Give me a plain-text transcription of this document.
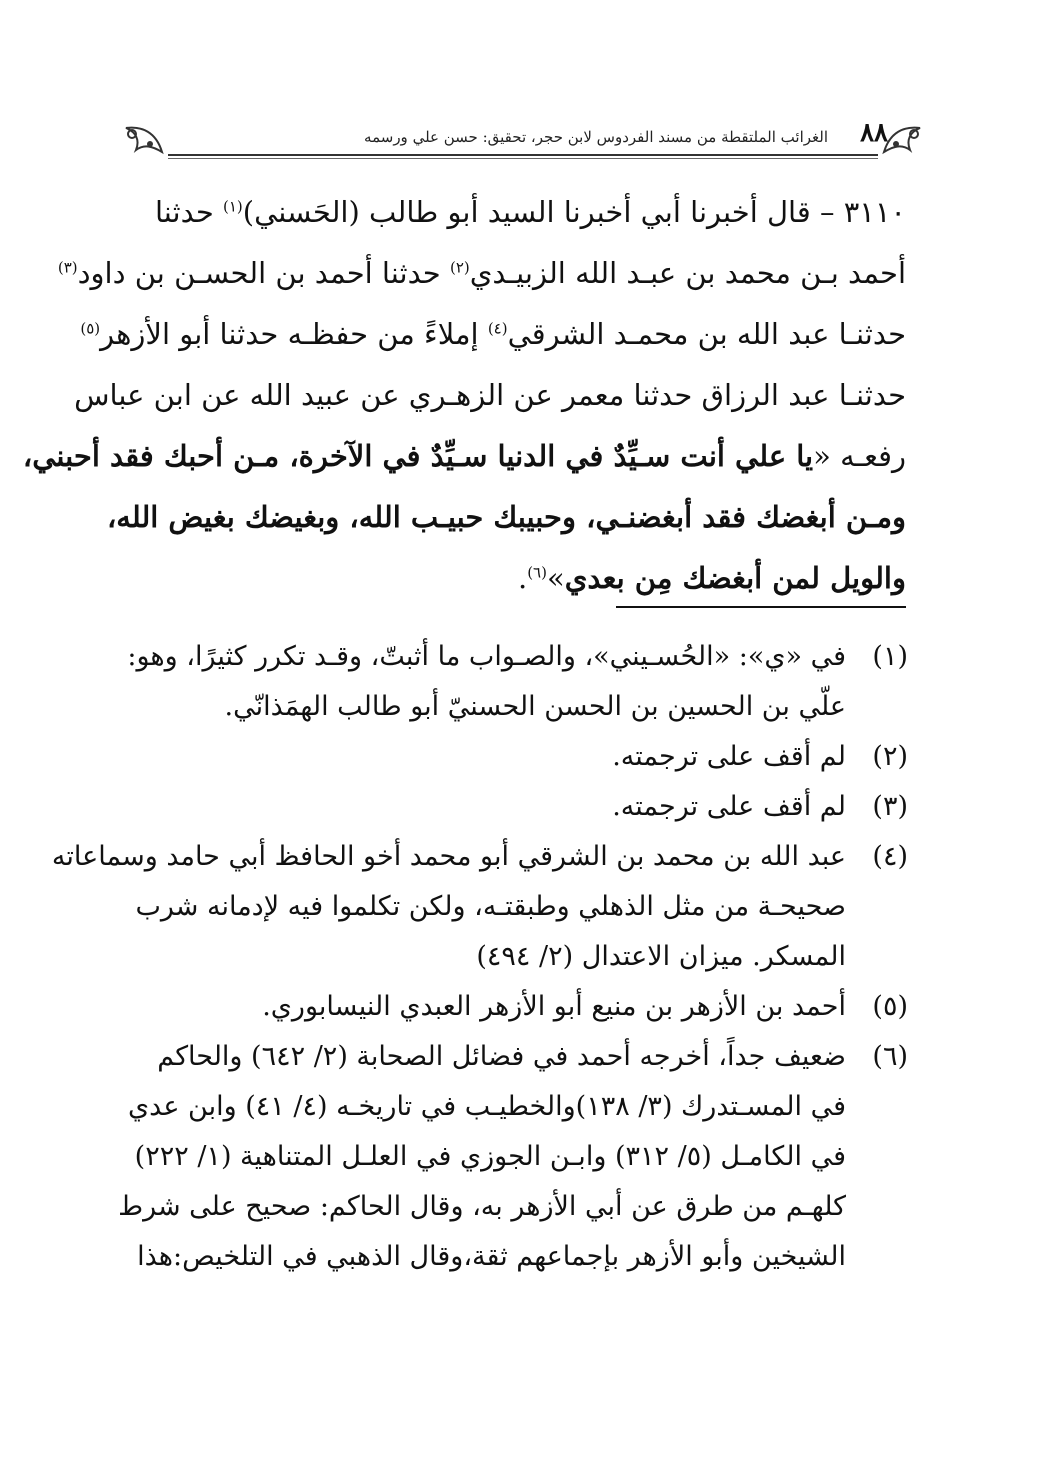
٨٨
الغرائب الملتقطة من مسند الفردوس لابن حجر، تحقيق: حسن علي ورسمه
٣١١٠ – قال أخبرنا أبي أخبرنا السيد أبو طالب (الحَسني)$^{(١)}$ حدثنا
أحمد بـن محمد بن عبـد الله الزبيـدي$^{(٢)}$ حدثنا أحمد بن الحسـن بن داود$^{(٣)}$
حدثنـا عبد الله بن محمـد الشرقي$^{(٤)}$ إملاءً من حفظـه حدثنا أبو الأزهر$^{(٥)}$
حدثنـا عبد الرزاق حدثنا معمر عن الزهـري عن عبيد الله عن ابن عباس
رفعـه «يا علي أنت سـيِّدٌ في الدنيا سـيِّدٌ في الآخرة، مـن أحبك فقد أحبني،
ومـن أبغضك فقد أبغضنـي، وحبيبك حبيـب الله، وبغيضك بغيض الله،
والويل لمن أبغضك مِن بعدي»$^{(٦)}$.
(١)
في «ي»: «الحُسـيني»، والصـواب ما أثبتّ، وقـد تكرر كثيرًا، وهو:
علّي بن الحسين بن الحسن الحسنيّ أبو طالب الهمَذانّي.
(٢)
لم أقف على ترجمته.
(٣)
لم أقف على ترجمته.
(٤)
عبد الله بن محمد بن الشرقي أبو محمد أخو الحافظ أبي حامد وسماعاته
صحيحـة من مثل الذهلي وطبقتـه، ولكن تكلموا فيه لإدمانه شرب
المسكر. ميزان الاعتدال (٢/ ٤٩٤)
(٥)
أحمد بن الأزهر بن منيع أبو الأزهر العبدي النيسابوري.
(٦)
ضعيف جداً، أخرجه أحمد في فضائل الصحابة (٢/ ٦٤٢) والحاكم
في المسـتدرك (٣/ ١٣٨)والخطيـب في تاريخـه (٤/ ٤١) وابن عدي
في الكامـل (٥/ ٣١٢) وابـن الجوزي في العلـل المتناهية (١/ ٢٢٢)
كلهـم من طرق عن أبي الأزهر به، وقال الحاكم: صحيح على شرط
الشيخين وأبو الأزهر بإجماعهم ثقة،وقال الذهبي في التلخيص:هذا
